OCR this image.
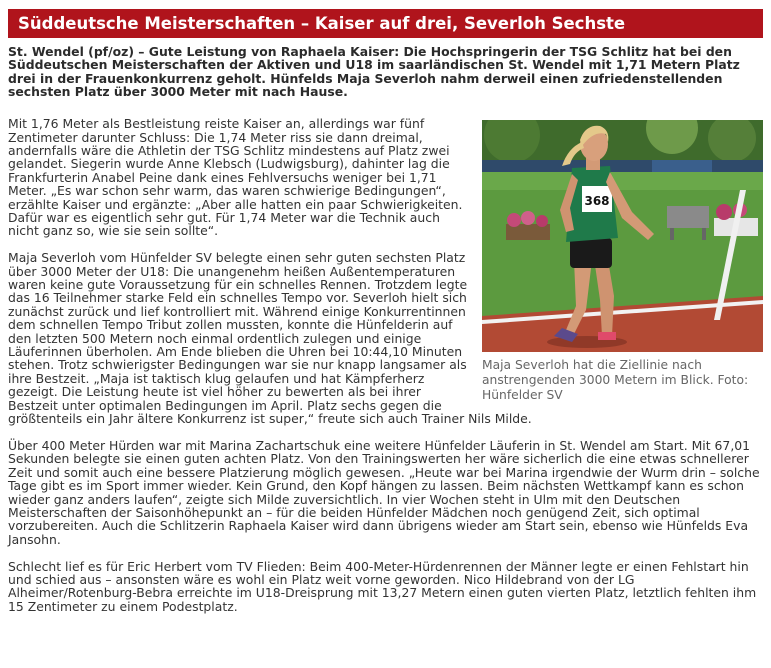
Süddeutsche Meisterschaften – Kaiser auf drei, Severloh Sechste

St. Wendel (pf/oz) – Gute Leistung von Raphaela Kaiser: Die Hochspringerin der TSG Schlitz hat bei den Süddeutschen Meisterschaften der Aktiven und U18 im saarländischen St. Wendel mit 1,71 Metern Platz drei in der Frauenkonkurrenz geholt. Hünfelds Maja Severloh nahm derweil einen zufriedenstellenden sechsten Platz über 3000 Meter mit nach Hause.

368
Maja Severloh hat die Ziellinie nach anstrengenden 3000 Metern im Blick. Foto: Hünfelder SV

Mit 1,76 Meter als Bestleistung reiste Kaiser an, allerdings war fünf Zentimeter darunter Schluss: Die 1,74 Meter riss sie dann dreimal, andernfalls wäre die Athletin der TSG Schlitz mindestens auf Platz zwei gelandet. Siegerin wurde Anne Klebsch (Ludwigsburg), dahinter lag die Frankfurterin Anabel Peine dank eines Fehlversuchs weniger bei 1,71 Meter. „Es war schon sehr warm, das waren schwierige Bedingungen“, erzählte Kaiser und ergänzte: „Aber alle hatten ein paar Schwierigkeiten. Dafür war es eigentlich sehr gut. Für 1,74 Meter war die Technik auch nicht ganz so, wie sie sein sollte“.

Maja Severloh vom Hünfelder SV belegte einen sehr guten sechsten Platz über 3000 Meter der U18: Die unangenehm heißen Außentemperaturen waren keine gute Voraussetzung für ein schnelles Rennen. Trotzdem legte das 16 Teilnehmer starke Feld ein schnelles Tempo vor. Severloh hielt sich zunächst zurück und lief kontrolliert mit. Während einige Konkurrentinnen dem schnellen Tempo Tribut zollen mussten, konnte die Hünfelderin auf den letzten 500 Metern noch einmal ordentlich zulegen und einige Läuferinnen überholen. Am Ende blieben die Uhren bei 10:44,10 Minuten stehen. Trotz schwierigster Bedingungen war sie nur knapp langsamer als ihre Bestzeit. „Maja ist taktisch klug gelaufen und hat Kämpferherz gezeigt. Die Leistung heute ist viel höher zu bewerten als bei ihrer Bestzeit unter optimalen Bedingungen im April. Platz sechs gegen die größtenteils ein Jahr ältere Konkurrenz ist super,“ freute sich auch Trainer Nils Milde.

Über 400 Meter Hürden war mit Marina Zachartschuk eine weitere Hünfelder Läuferin in St. Wendel am Start. Mit 67,01 Sekunden belegte sie einen guten achten Platz. Von den Trainingswerten her wäre sicherlich die eine etwas schnellerer Zeit und somit auch eine bessere Platzierung möglich gewesen. „Heute war bei Marina irgendwie der Wurm drin – solche Tage gibt es im Sport immer wieder. Kein Grund, den Kopf hängen zu lassen. Beim nächsten Wettkampf kann es schon wieder ganz anders laufen“, zeigte sich Milde zuversichtlich. In vier Wochen steht in Ulm mit den Deutschen Meisterschaften der Saisonhöhepunkt an – für die beiden Hünfelder Mädchen noch genügend Zeit, sich optimal vorzubereiten. Auch die Schlitzerin Raphaela Kaiser wird dann übrigens wieder am Start sein, ebenso wie Hünfelds Eva Jansohn.

Schlecht lief es für Eric Herbert vom TV Flieden: Beim 400-Meter-Hürdenrennen der Männer legte er einen Fehlstart hin und schied aus – ansonsten wäre es wohl ein Platz weit vorne geworden. Nico Hildebrand von der LG Alheimer/Rotenburg-Bebra erreichte im U18-Dreisprung mit 13,27 Metern einen guten vierten Platz, letztlich fehlten ihm 15 Zentimeter zu einem Podestplatz.
